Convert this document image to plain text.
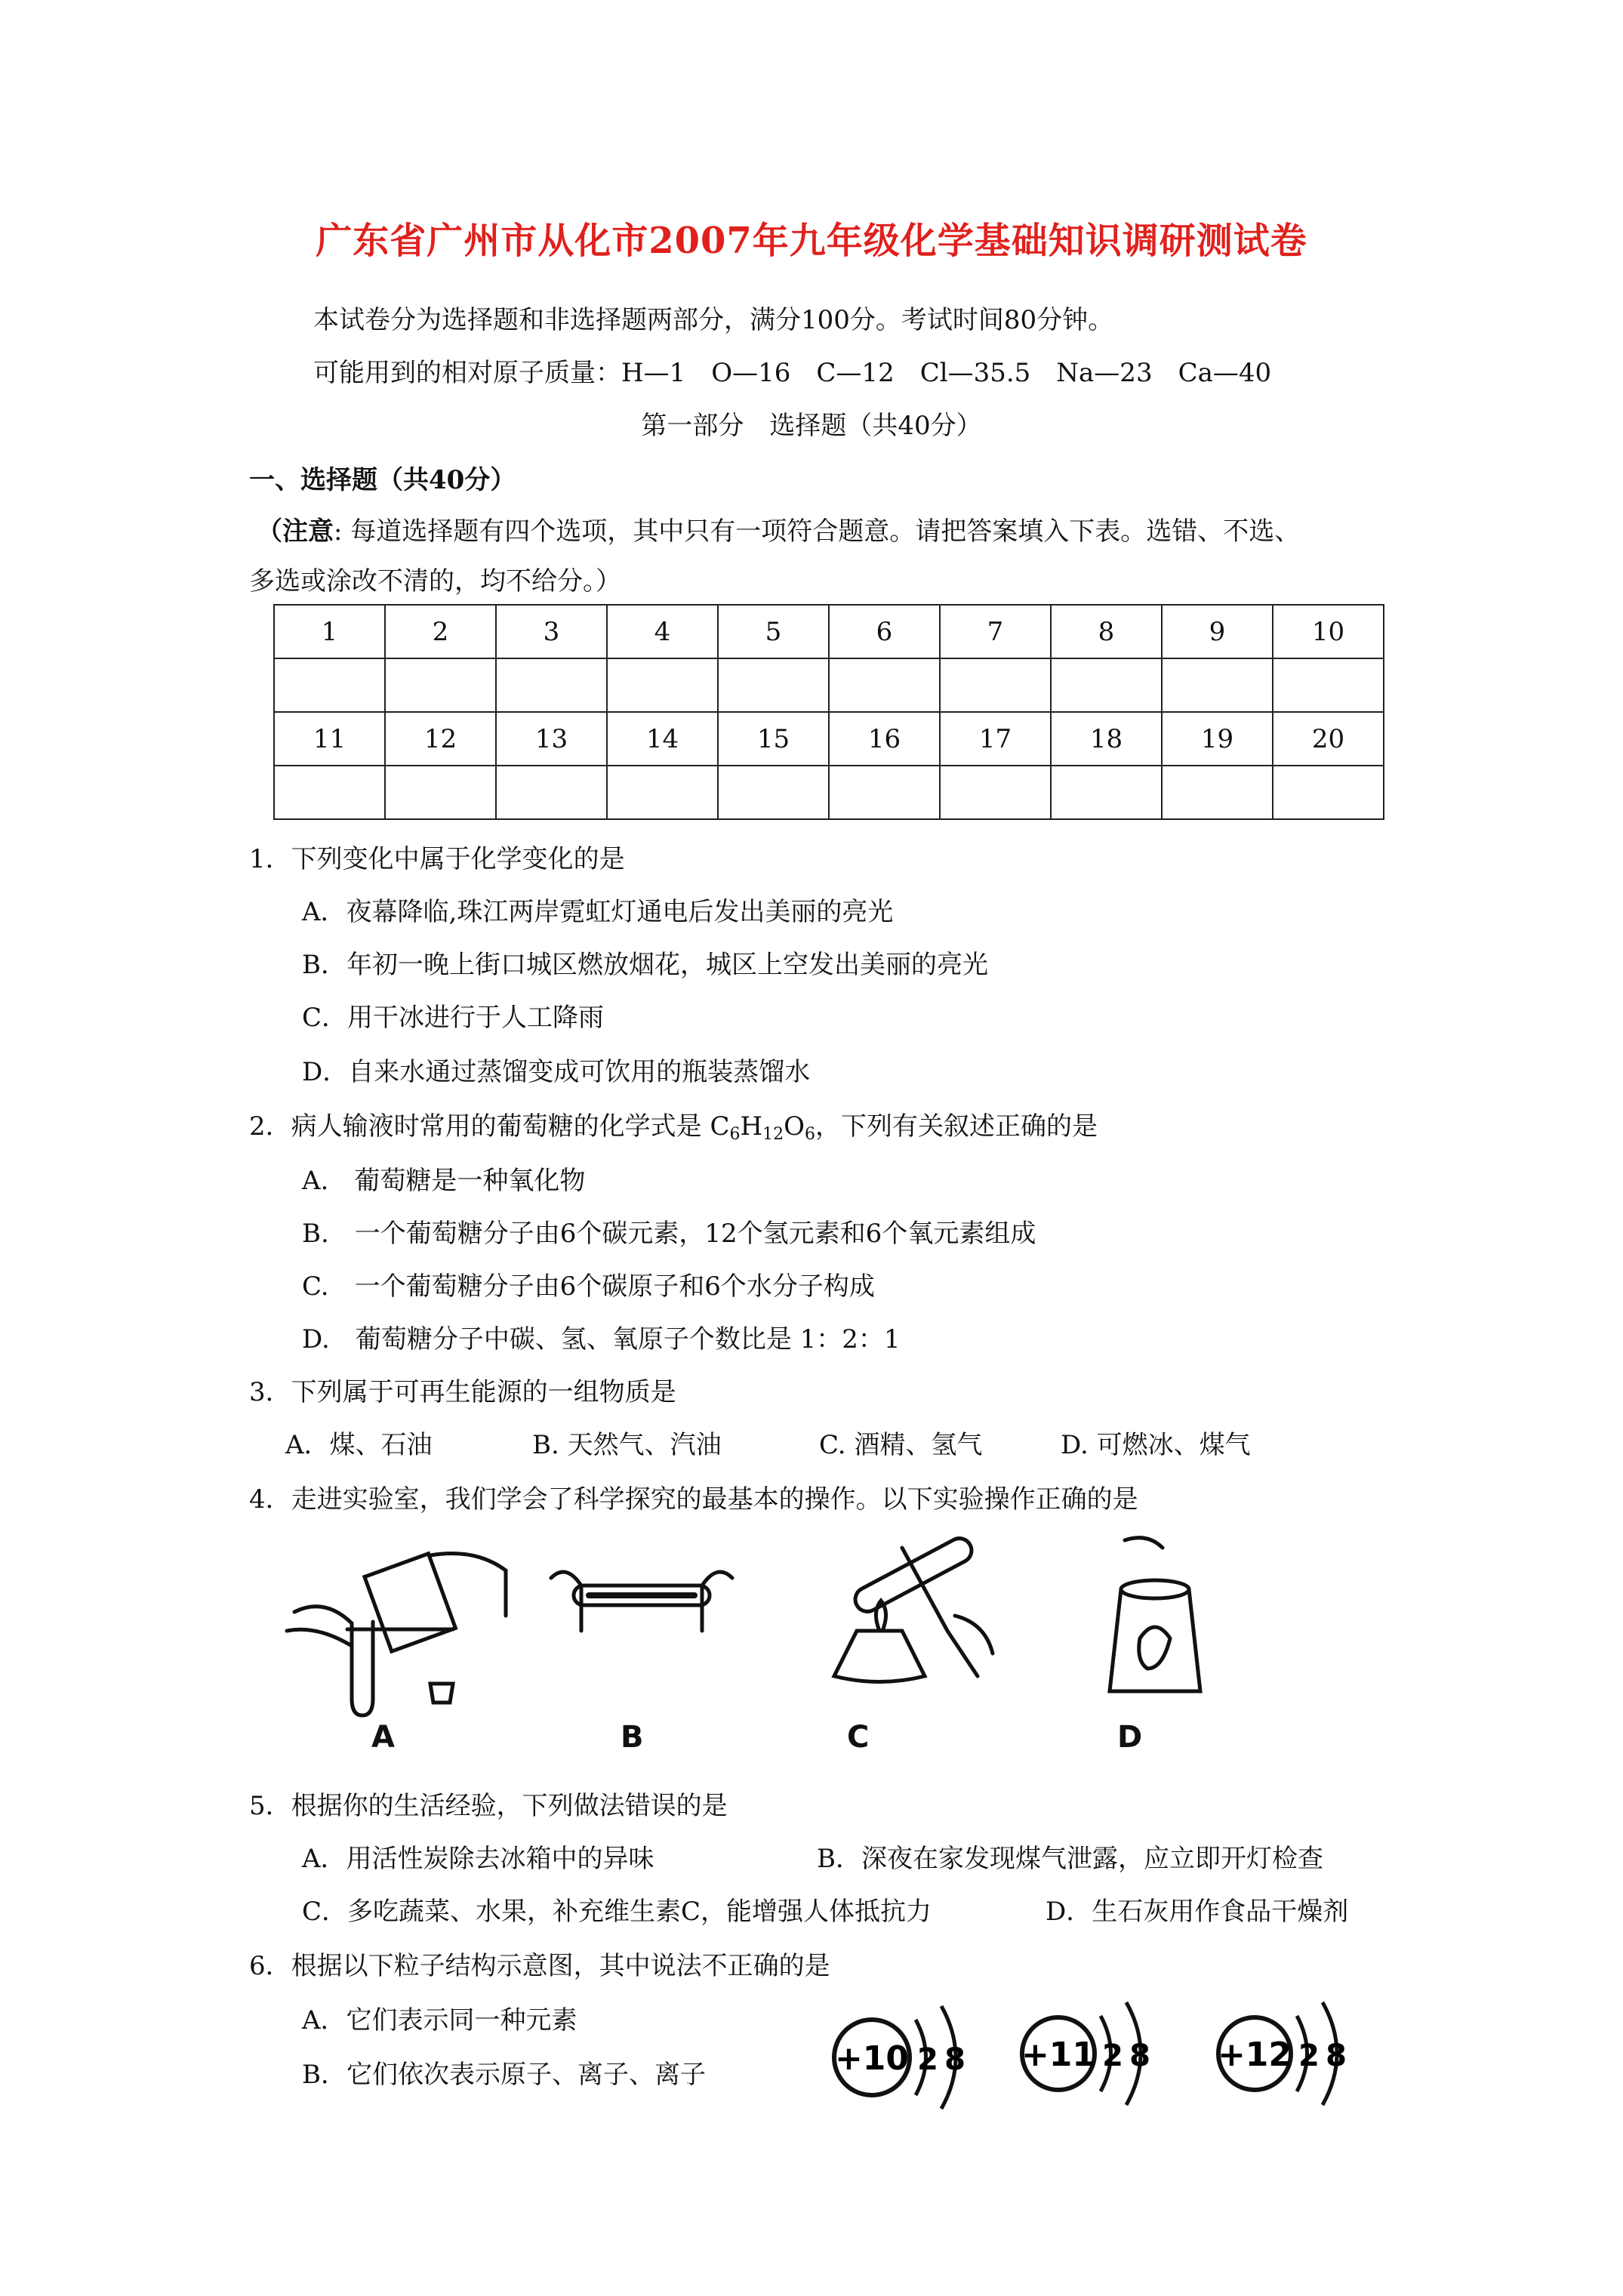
广东省广州市从化市2007年九年级化学基础知识调研测试卷
本试卷分为选择题和非选择题两部分，满分100分。考试时间80分钟。
可能用到的相对原子质量：H—1　O—16　C—12　Cl—35.5　Na—23　Ca—40
第一部分　选择题（共40分）
一、选择题（共40分）
（注意: 每道选择题有四个选项，其中只有一项符合题意。请把答案填入下表。选错、不选、
多选或涂改不清的，均不给分。）
1	2	3	4	5	6	7	8	9	10

11	12	13	14	15	16	17	18	19	20

1．下列变化中属于化学变化的是
A．夜幕降临,珠江两岸霓虹灯通电后发出美丽的亮光
B．年初一晚上街口城区燃放烟花，城区上空发出美丽的亮光
C．用干冰进行于人工降雨
D．自来水通过蒸馏变成可饮用的瓶装蒸馏水
2．病人输液时常用的葡萄糖的化学式是 $C_6H_{12}O_6$，下列有关叙述正确的是
A.　葡萄糖是一种氧化物
B.　一个葡萄糖分子由6个碳元素，12个氢元素和6个氧元素组成
C.　一个葡萄糖分子由6个碳原子和6个水分子构成
D.　葡萄糖分子中碳、氢、氧原子个数比是 1：2：1
3．下列属于可再生能源的一组物质是
A．煤、石油	B. 天然气、汽油	C. 酒精、氢气	D. 可燃冰、煤气
4．走进实验室，我们学会了科学探究的最基本的操作。以下实验操作正确的是
A	B	C	D
5．根据你的生活经验，下列做法错误的是
A．用活性炭除去冰箱中的异味	B．深夜在家发现煤气泄露，应立即开灯检查
C．多吃蔬菜、水果，补充维生素C，能增强人体抵抗力	D．生石灰用作食品干燥剂
6．根据以下粒子结构示意图，其中说法不正确的是
A．它们表示同一种元素
B．它们依次表示原子、离子、离子	+10 2 8 +11 2 8 +12 2 8
